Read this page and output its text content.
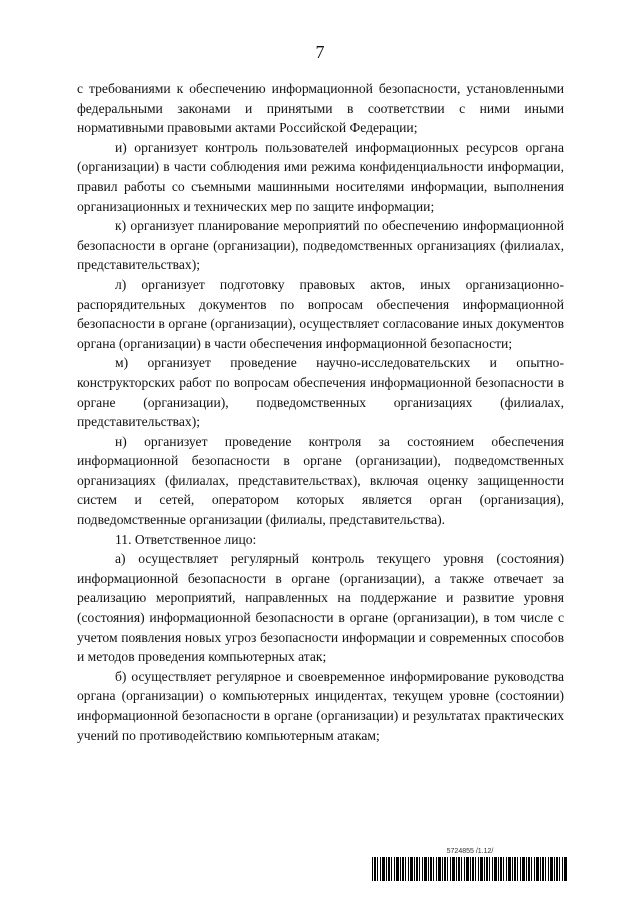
7

с требованиями к обеспечению информационной безопасности, установленными федеральными законами и принятыми в соответствии с ними иными нормативными правовыми актами Российской Федерации;

и) организует контроль пользователей информационных ресурсов органа (организации) в части соблюдения ими режима конфиденциальности информации, правил работы со съемными машинными носителями информации, выполнения организационных и технических мер по защите информации;

к) организует планирование мероприятий по обеспечению информационной безопасности в органе (организации), подведомственных организациях (филиалах, представительствах);

л) организует подготовку правовых актов, иных организационно-распорядительных документов по вопросам обеспечения информационной безопасности в органе (организации), осуществляет согласование иных документов органа (организации) в части обеспечения информационной безопасности;

м) организует проведение научно-исследовательских и опытно-конструкторских работ по вопросам обеспечения информационной безопасности в органе (организации), подведомственных организациях (филиалах, представительствах);

н) организует проведение контроля за состоянием обеспечения информационной безопасности в органе (организации), подведомственных организациях (филиалах, представительствах), включая оценку защищенности систем и сетей, оператором которых является орган (организация), подведомственные организации (филиалы, представительства).

11. Ответственное лицо:

а) осуществляет регулярный контроль текущего уровня (состояния) информационной безопасности в органе (организации), а также отвечает за реализацию мероприятий, направленных на поддержание и развитие уровня (состояния) информационной безопасности в органе (организации), в том числе с учетом появления новых угроз безопасности информации и современных способов и методов проведения компьютерных атак;

б) осуществляет регулярное и своевременное информирование руководства органа (организации) о компьютерных инцидентах, текущем уровне (состоянии) информационной безопасности в органе (организации) и результатах практических учений по противодействию компьютерным атакам;

5724855 /1.12/
